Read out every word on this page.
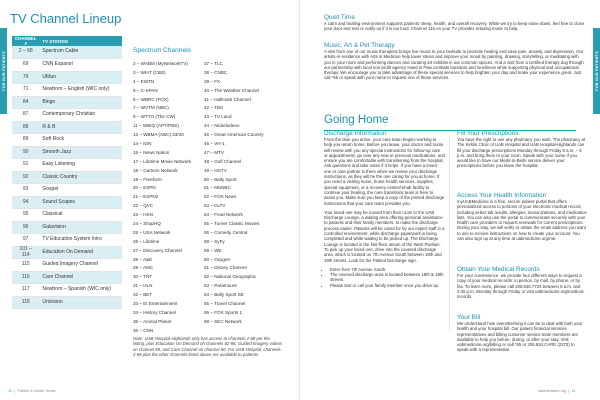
FOR OUR PATIENTS
TV Channel Lineup
CHANNEL #	TV STATION
2 – 68	Spectrum Cable
69	CNN Espanol
70	UMao
71	Newborn – English (WIC only)
84	Bingo
87	Contemporary Christian
88	R & B
89	Soft Rock
90	Smooth Jazz
91	Easy Listening
92	Classic Country
93	Gospel
94	Sound Scapes
95	Classical
96	Galavision
97	TV Education System Intro
101 – 114	Education On Demand
115	Guided Imagery Channel
116	Care Channel
117	Newborn – Spanish (WIC only)
118	Univision
Spectrum Channels
2 – WABM (MyNetworkTV)
3 – WIAT (CBS)
4 – EWTN
5 – C-SPAN
6 – WBRC (FOX)
7 – WVTM (NBC)
9 – WTTO (The CW)
11 – WBIQ (APT/PBS)
13 – WBMA (ABC) 33/40
14 – ION
15 – News Nation
17 – Lifetime Movie Network
18 – Cartoon Network
19 – Freeform
20 – ESPN
21 – ESPN2
22 – QVC
23 – HSN
24 – ShopHQ
25 – USA Network
26 – Lifetime
27 – Discovery Channel
28 – A&E
29 – AMC
30 – TNT
31 – HLN
32 – BET
33 – E! Entertainment
34 – History Channel
35 – Animal Planet
36 – CNN
37 – TLC
38 – CNBC
39 – FX
40 – The Weather Channel
41 – Hallmark Channel
42 – TBS
43 – TV Land
44 – Nickelodeon
45 – Great American Country
46 – VH-1
47 – MTV
48 – Golf Channel
49 – HGTV
50 – Bally Sport
51 – MSNBC
52 – FOX News
53 – truTV
54 – Food Network
55 – Turner Classic Movies
56 – Comedy Central
58 – SyFy
59 – WE
60 – Oxygen
61 – Disney Channel
62 – National Geographic
63 – Paramount
64 – Bally Sport SE
65 – Travel Channel
66 – FOX Sports 1
68 – SEC Network
Note: UAB Hospital-Highlands only has access to channels 2-68 per the listing, plus Education On Demand on channels 82-86, Guided Imagery videos on channel 89, and Care Channel on channel 90. For UAB Hospital, channels 2-68 plus the other channels listed above are available to patients.
10  |  Patient & Visitor Guide
FOR OUR PATIENTS
Quiet Time
A calm and healing environment supports patients' sleep, health, and overall recovery. While we try to keep noise down, feel free to close your door and rest or notify us if it is too loud. Channel 116 on your TV provides relaxing music to help.
Music, Art & Pet Therapy
A visit from one of our music therapists brings live music to your bedside to promote healing and ease pain, anxiety, and depression. Our artists-in-residence with Arts in Medicine help lower stress and improve your mood by painting, drawing, storytelling, or meditating with you in your room and performing dances and curating art exhibits in our common spaces. And a visit from a certified therapy dog through our partnership with local non-profit agency Hand in Paw combats boredom and loneliness while supporting physical and occupational therapy. We encourage you to take advantage of these special services to help brighten your day and make your experience great. Just call *55 or speak with your nurse to request one of these services.
Going Home
Discharge Information

From the time you arrive, your care team begins working to help you return home. Before you leave, your doctor and nurse will review with you any special instructions for follow-up care or appointments, go over any new or previous medications, and ensure you are comfortable with transitioning from the hospital. Ask questions and take notes if it helps. If you have a loved one or care partner is there when we review your discharge instructions, as they will be the one caring for you at home. If you need a visiting nurse, home health services, supplies, special equipment, or a recovery center/rehab facility to continue your healing, the care transitions team is here to assist you. Make sure you keep a copy of the printed discharge instructions that your care team provides you.

Your loved one may be moved from their room to the UAB Discharge Lounge, a waiting area offering personal assistance to patients and their family members, to make the discharge process easier. Patients will be cared for by our expert staff in a controlled environment, while discharge paperwork is being completed and while waiting to be picked up. The Discharge Lounge is located in the first-floor atrium of the West Pavilion. To pick up your loved one, drive into the covered discharge area, which is located on 7th Avenue South between 18th and 19th streets. Look for the Patient Discharge sign.

• Enter from 7th Avenue South.
• The covered discharge area is located between 18th & 19th streets.
• Please text or call your family member once you drive up.
Fill Your Prescriptions
You have the right to use any pharmacy you wish. The pharmacy at The Kirklin Clinic of UAB Hospital and UAB Hospital-Highlands can fill your discharge prescriptions Monday through Friday 8 a.m. – 6 p.m. and bring them to your room. Speak with your nurse if you would like to have our Meds-to-Beds service deliver your prescriptions before you leave the hospital.
Access Your Health Information
myUABMedicine is a free, secure patient portal that offers personalized access to portions of your electronic medical record, including select lab results, allergies, immunizations, and medication lists. You can also use the portal to communicate securely with your health care providers or request renewals for current prescriptions. During your stay, we will verify or obtain the email address you want to use to receive instructions on how to create your account. You can also sign up at any time at uabmedicine.org/me.
Obtain Your Medical Records
For your convenience, we provide four different ways to request a copy of your medical records: in person, by mail, by phone, or by fax. To learn more, please call 205.930.7724 between 8 a.m. and 4:30 p.m. Monday through Friday or visit uabmedicine.org/medical-records.
Your Bill
We understand how overwhelming it can be to deal with both your health and your hospital bill. Our patient financial services representatives and billing customer service team members are available to help you before, during, or after your stay. Visit uabmedicine.org/billing or call *55 or 205.934.CARE (2273) to speak with a representative.
uabmedicine.org  |  11
